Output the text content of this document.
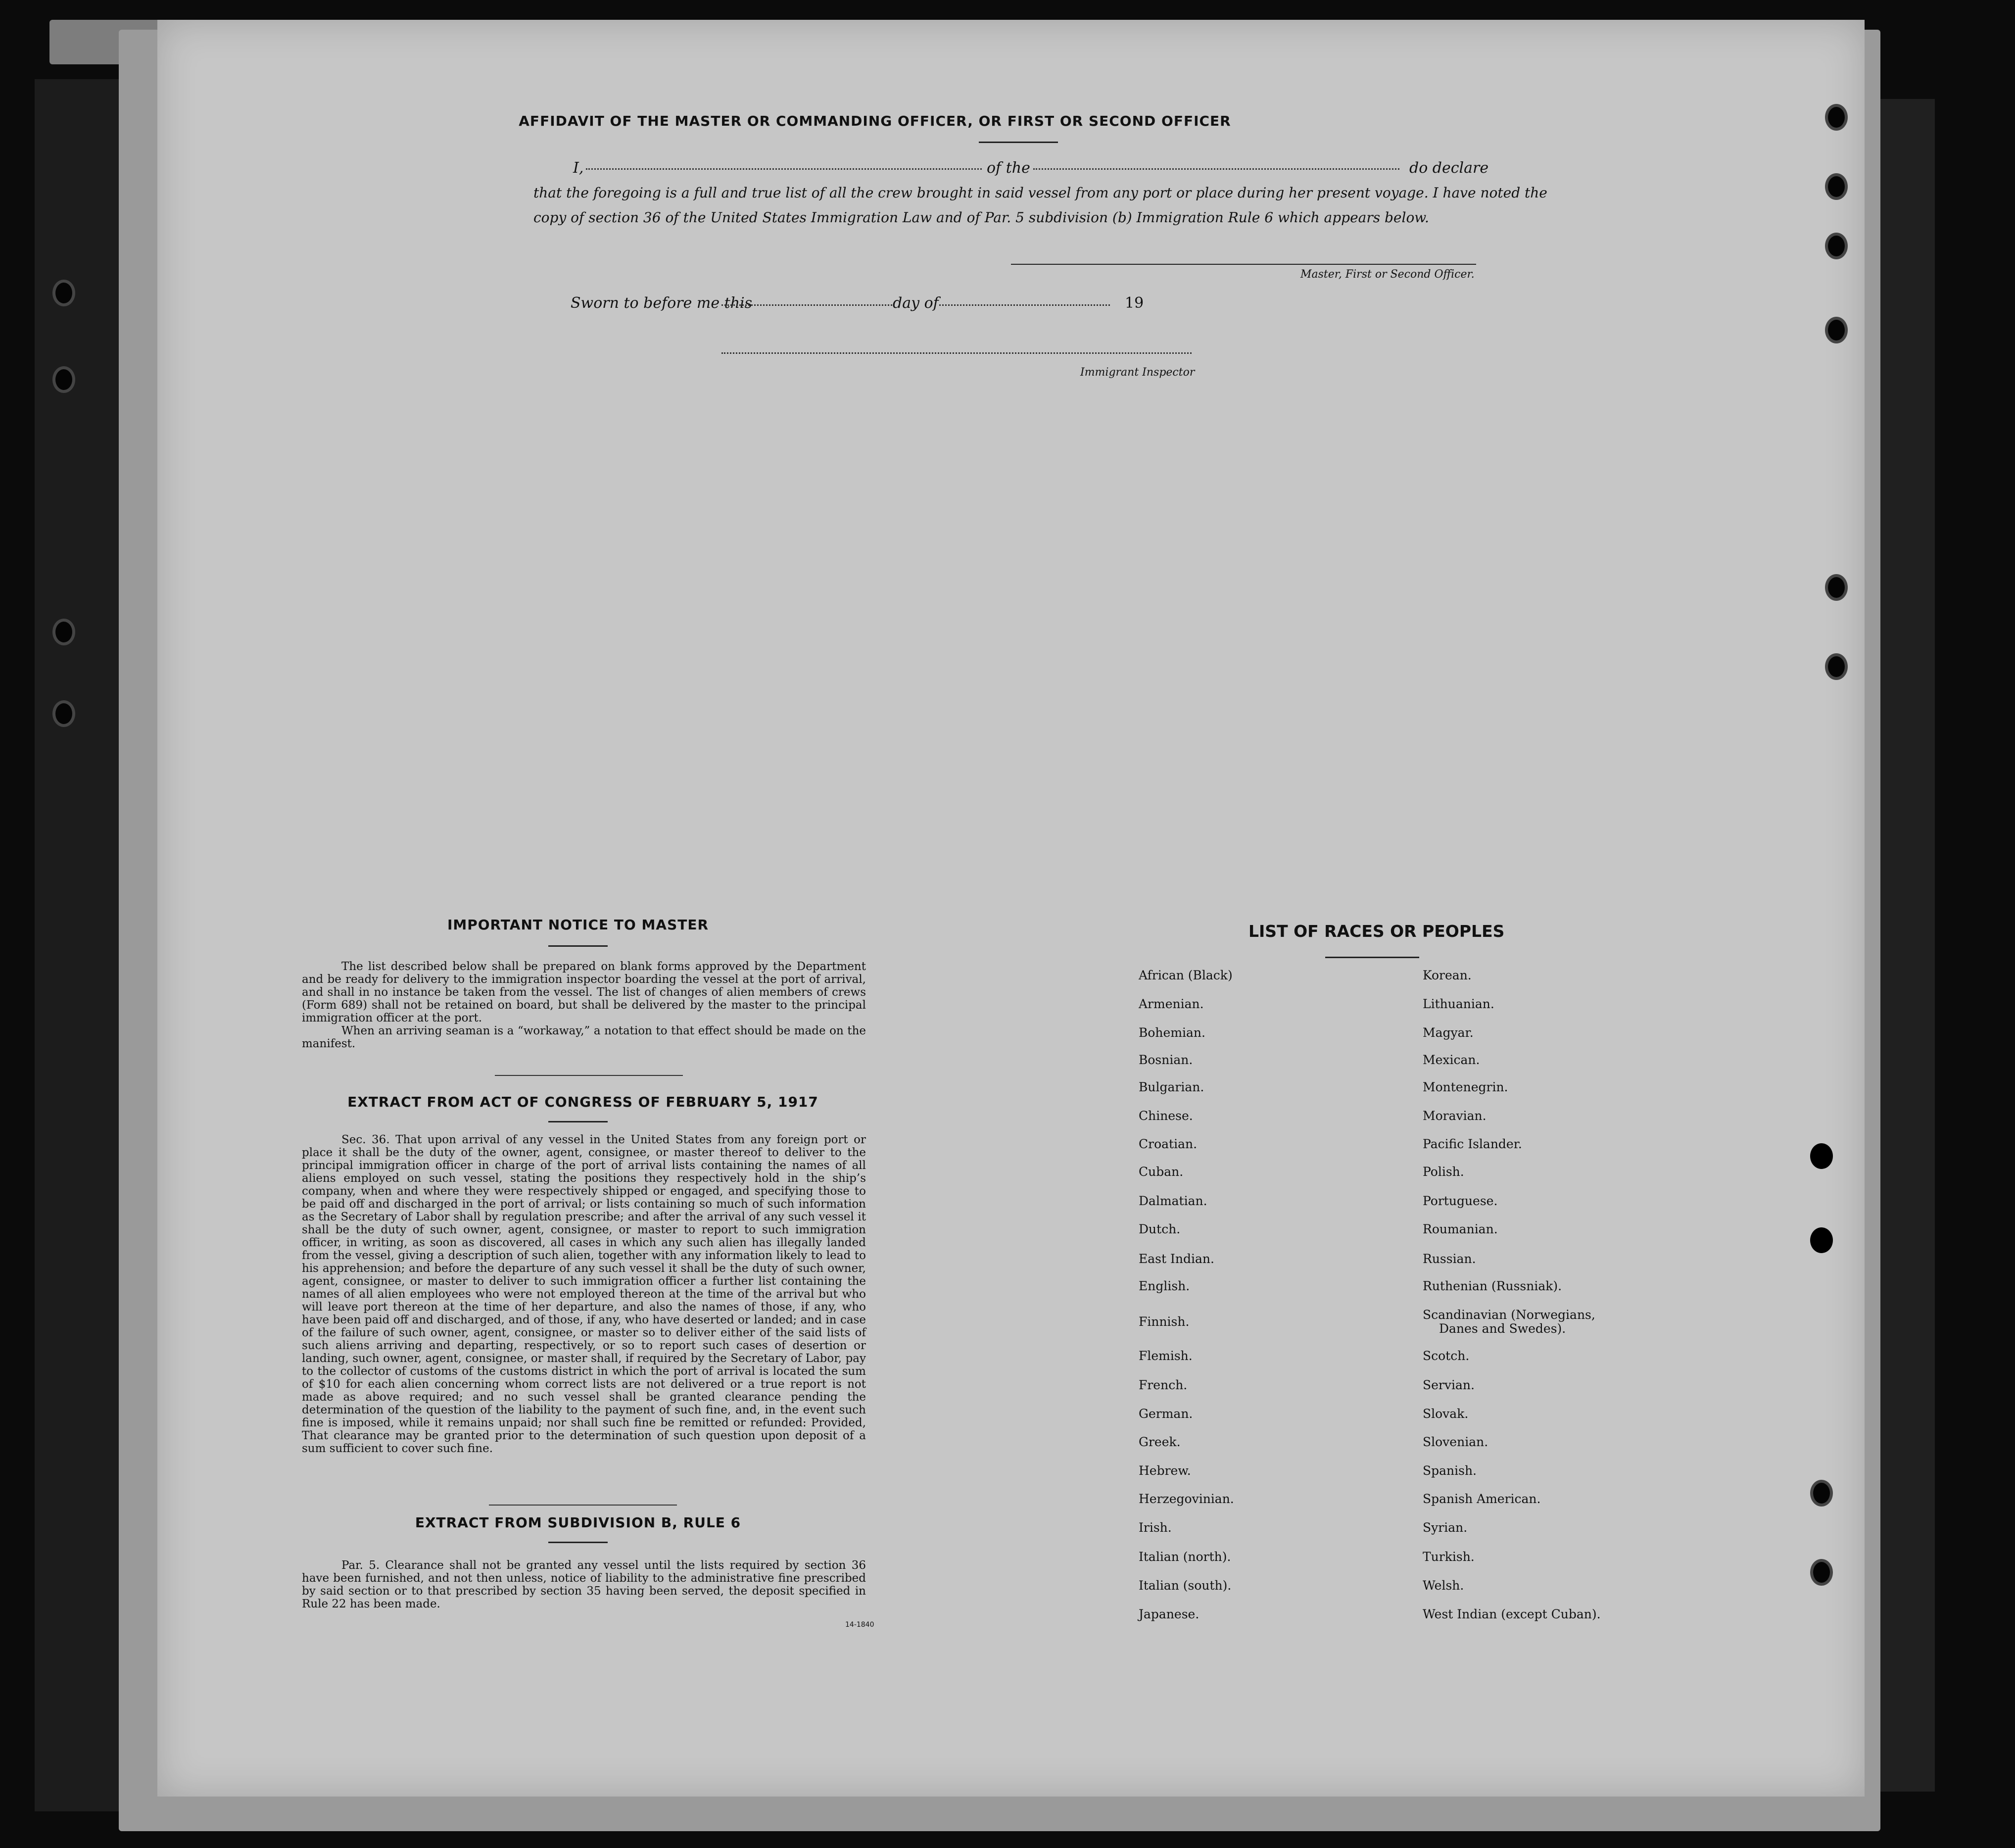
AFFIDAVIT OF THE MASTER OR COMMANDING OFFICER, OR FIRST OR SECOND OFFICER
I,	of the	do declare
that the foregoing is a full and true list of all the crew brought in said vessel from any port or place during her present voyage. I have noted the
copy of section 36 of the United States Immigration Law and of Par. 5 subdivision (b) Immigration Rule 6 which appears below.
Master, First or Second Officer.
Sworn to before me this	day of	19
Immigrant Inspector
IMPORTANT NOTICE TO MASTER

The list described below shall be prepared on blank forms approved by the Department and be ready for delivery to the immigration inspector boarding the vessel at the port of arrival, and shall in no instance be taken from the vessel. The list of changes of alien members of crews (Form 689) shall not be retained on board, but shall be delivered by the master to the principal immigration officer at the port.

When an arriving seaman is a “workaway,” a notation to that effect should be made on the manifest.

EXTRACT FROM ACT OF CONGRESS OF FEBRUARY 5, 1917

Sec. 36. That upon arrival of any vessel in the United States from any foreign port or place it shall be the duty of the owner, agent, consignee, or master thereof to deliver to the principal immigration officer in charge of the port of arrival lists containing the names of all aliens employed on such vessel, stating the positions they respectively hold in the ship’s company, when and where they were respectively shipped or engaged, and specifying those to be paid off and discharged in the port of arrival; or lists containing so much of such information as the Secretary of Labor shall by regulation prescribe; and after the arrival of any such vessel it shall be the duty of such owner, agent, consignee, or master to report to such immigration officer, in writing, as soon as discovered, all cases in which any such alien has illegally landed from the vessel, giving a description of such alien, together with any information likely to lead to his apprehension; and before the departure of any such vessel it shall be the duty of such owner, agent, consignee, or master to deliver to such immigration officer a further list containing the names of all alien employees who were not employed thereon at the time of the arrival but who will leave port thereon at the time of her departure, and also the names of those, if any, who have been paid off and discharged, and of those, if any, who have deserted or landed; and in case of the failure of such owner, agent, consignee, or master so to deliver either of the said lists of such aliens arriving and departing, respectively, or so to report such cases of desertion or landing, such owner, agent, consignee, or master shall, if required by the Secretary of Labor, pay to the collector of customs of the customs district in which the port of arrival is located the sum of $10 for each alien concerning whom correct lists are not delivered or a true report is not made as above required; and no such vessel shall be granted clearance pending the determination of the question of the liability to the payment of such fine, and, in the event such fine is imposed, while it remains unpaid; nor shall such fine be remitted or refunded: Provided, That clearance may be granted prior to the determination of such question upon deposit of a sum sufficient to cover such fine.

EXTRACT FROM SUBDIVISION B, RULE 6

Par. 5. Clearance shall not be granted any vessel until the lists required by section 36 have been furnished, and not then unless, notice of liability to the administrative fine prescribed by said section or to that prescribed by section 35 having been served, the deposit specified in Rule 22 has been made.

14-1840
LIST OF RACES OR PEOPLES
African (Black)
Armenian.
Bohemian.
Bosnian.
Bulgarian.
Chinese.
Croatian.
Cuban.
Dalmatian.
Dutch.
East Indian.
English.
Finnish.
Flemish.
French.
German.
Greek.
Hebrew.
Herzegovinian.
Irish.
Italian (north).
Italian (south).
Japanese.
Korean.
Lithuanian.
Magyar.
Mexican.
Montenegrin.
Moravian.
Pacific Islander.
Polish.
Portuguese.
Roumanian.
Russian.
Ruthenian (Russniak).
Scandinavian (Norwegians,
Danes and Swedes).
Scotch.
Servian.
Slovak.
Slovenian.
Spanish.
Spanish American.
Syrian.
Turkish.
Welsh.
West Indian (except Cuban).
